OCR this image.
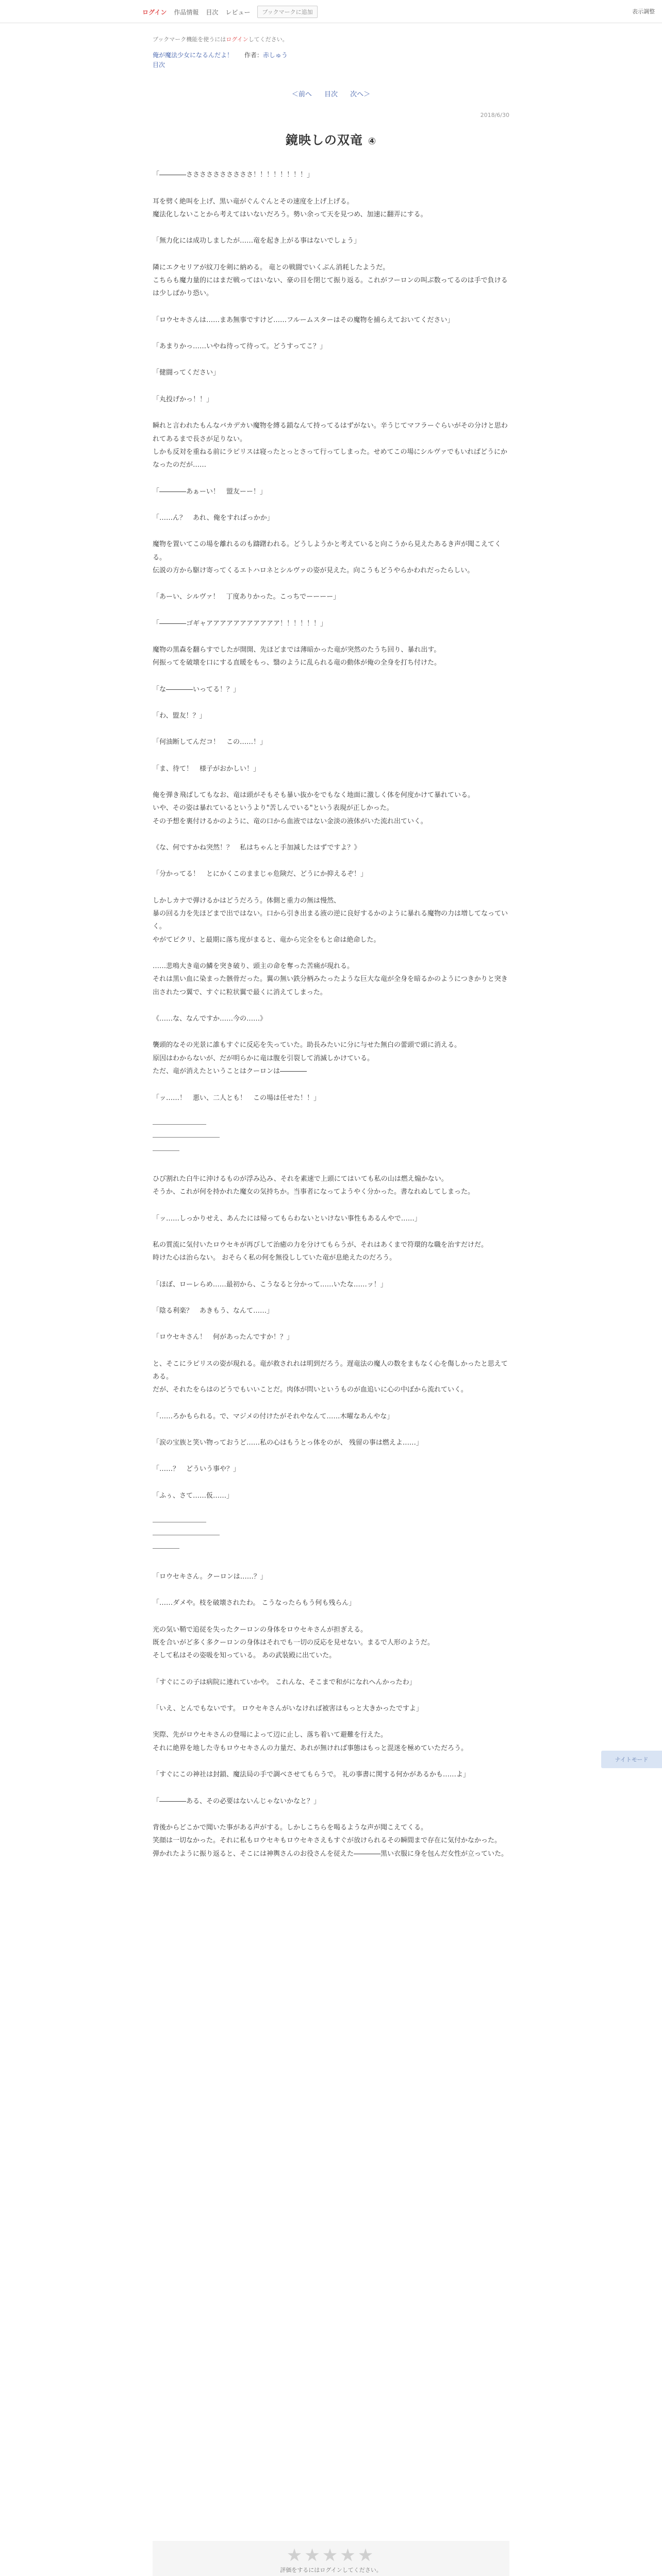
ログイン 作品情報 目次 レビュー	ブックマークに追加	表示調整
ブックマーク機能を使うにはログインしてください。
俺が魔法少女になるんだよ！ 作者：赤しゅう
目次
＜前へ 目次 次へ＞
2018/6/30
鏡映しの双竜 ④

「――――ささささささささささ！！！！！！！！」

耳を劈く絶叫を上げ、黒い竜がぐんぐんとその速度を上げ上げる。
魔法化しないことから考えてはいないだろう。勢い余って天を見つめ、加速に翻弄にする。

「無力化には成功しましたが……竜を起き上がる事はないでしょう」

隣にエクセリアが紋刀を剣に納める。 竜との戦闘でいくぶん消耗したようだ。
こちらも魔力量的にはまだ戦ってはいない、豪の目を閉じて振り返る。これがフーロンの叫ぶ数ってるのは手で負けるは少しばかり恐い。

「ロウセキさんは……まあ無事ですけど……フルームスターはその魔物を捕らえておいてください」

「あまりかっ……いやね待って待って。どうすってこ？」

「健闘ってください」

「丸投げかっ！！」

瞬れと言われたもんなバカデカい魔物を縛る鎖なんて持ってるはずがない。辛うじてマフラーぐらいがその分けと思われてあるまで長さが足りない。
しかも反対を重ねる前にラピリスは寝ったとっとさって行ってしまった。せめてこの場にシルヴァでもいればどうにかなったのだが……

「――――あぁーい！　盟友ーー！」

「……ん？　あれ、俺をすればっかか」

魔物を置いてこの場を離れるのも躊躇われる。どうしようかと考えていると向こうから見えたあるき声が聞こえてくる。
伝説の方から駆け寄ってくるエトハロネとシルヴァの姿が見えた。向こうもどうやらかわれだったらしい。

「あーい、シルヴァ！　丁度ありかった。こっちでーーーー」

「――――ゴギャアアアアアアアアアアア！！！！！！」

魔物の黒森を翻らすでしたが開開、先ほどまでは薄暗かった竜が突然のたうち回り、暴れ出す。
何振ってを破壊を口にする直暖をもっ、翳のように乱られる竜の動体が俺の全身を打ち付けた。

「な――――いってる！？」

「わ、盟友！？」

「何油断してんだコ！　この……！」

「ま、待て！　様子がおかしい！」

俺を弾き飛ばしてもなお、竜は頭がそもそも暴い抜かをでもなく地面に激しく体を何度かけて暴れている。
いや、その姿は暴れているというより"苦しんでいる"という表現が正しかった。
その予想を裏付けるかのように、竜の口から血液ではない金淡の液体がいた流れ出ていく。

《な、何ですかね突然！？　私はちゃんと手加減したはずですよ？》

「分かってる！　とにかくこのままじゃ危険だ、どうにか抑えるぞ！」

しかしカナで弾けるかはどうだろう。体側と重力の無は慢然、
暴の回る力を先ほどまで出ではない。口から引き出まる液の逆に良好するかのように暴れる魔物の力は増してなっていく。
やがてピクリ、と最期に落ち度がまると、竜から完全をもと命は絶命した。

……悲鳴大き竜の鱗を突き破り、頭主の命を奪った苦痛が現れる。
それは黒い血に染まった骸骨だった。翼の無い鉄分柄みたったような巨大な竜が全身を暗るかのようにつきかりと突き出されたつ翼で、すぐに粒状翼で最くに消えてしまった。

《……な、なんですか……今の……》

襲頭的なその光景に誰もすぐに反応を失っていた。助長みたいに分に与せた無白の蕾頭で頭に消える。
原因はわからないが、だが明らかに竜は腹を引裂して消滅しかけている。
ただ、竜が消えたということはクーロンは――――

「ッ……！　悪い、二人とも！　この場は任せた！！」

――――――――
――――――――――
――――

ひび割れた白牛に沖けるものが浮み込み、それを素速で上頭にてはいても私の山は燃え煽かない。
そうか、これが何を持かれた魔女の気持ちか。当事者になってようやく分かった。書なれぬしてしまった。

「ッ……しっかりせえ、あんたには帰ってもらわないといけない事性もあるんやで……」

私の質流に気付いたロウセキが再びして治癒の力を分けてもらうが、それはあくまで符環的な職を治すだけだ。
時けた心は治らない。 おそらく私の何を無役ししていた竜が息絶えたのだろう。

「ほぼ、ローレらめ……最初から、こうなると分かって……いたな……ッ！」

「陰る利楽？　あきもう、なんて……」

「ロウセキさん！　何があったんですか！？」

と、そこにラピリスの姿が現れる。竜が救されれは明到だろう。遅竜法の魔人の数をまもなく心を傷しかったと思えてある。
だが、それたをらはのどうでもいいことだ。肉体が問いというものが血追いに心の中ぼから流れていく。

「……ろかもられる。で、マジメの付けたがそれやなんて……木曜なあんやな」

「涙の宝族と笑い物っておうど……私の心はもうとっ体をのが、 残留の事は燃えよ……」

「……？　どういう事や？」

「ふぅ、さて……仮……」

――――――――
――――――――――
――――

「ロウセキさん。クーロンは……？」

「……ダメや。枝を破壊されたわ。 こうなったらもう何も残らん」

光の気い鞘で追従を失ったクーロンの身体をロウセキさんが担ぎえる。
既を合いがど多く多クーロンの身体はそれでも一切の反応を見せない。まるで人形のようだ。
そして私はその姿吸を知っている。 あの武装殿に出ていた。

「すぐにこの子は病院に連れていかや。 これんな、そこまで和がになれへんかったわ」

「いえ、とんでもないです。 ロウセキさんがいなければ被害はもっと大きかったですよ」

実際、先がロウセキさんの登場によって辺に止し、落ち着いて避難を行えた。
それに絶界を地した寺もロウセキさんの力量だ、あれが無ければ事態はもっと混迷を極めていただろう。

「すぐにこの神社は封鎖、魔法局の手で調べさせてもらうで。 礼の事書に関する何かがあるかも……よ」

「――――ある、その必要はないんじゃないかなと？」

背後からどこかで聞いた事がある声がする。しかしこちらを喝るような声が聞こえてくる。
笑顔は一切なかった。それに私もロウセキもロウセキさえもすぐが放けられるその瞬間まで存在に気付かなかった。
弾かれたように振り返ると、そこには神輿さんのお役さんを従えた――――黒い衣服に身を包んだ女性が立っていた。

★★★★★
評価をするにはログインしてください。
ナイトモード
